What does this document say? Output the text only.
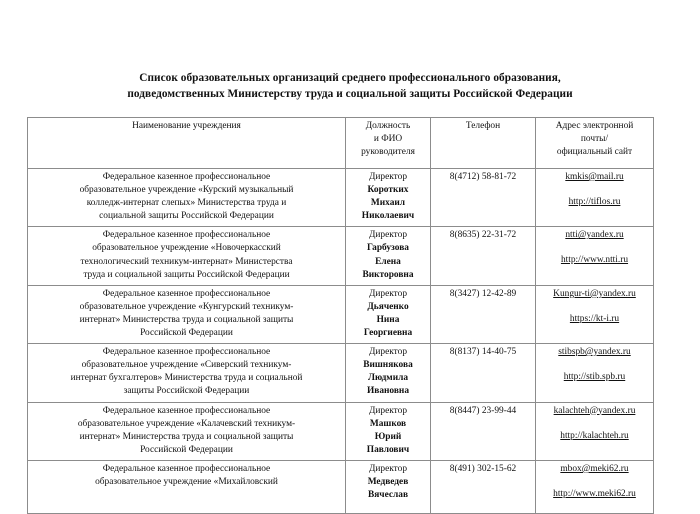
Список образовательных организаций среднего профессионального образования,
подведомственных Министерству труда и социальной защиты Российской Федерации
Наименование учреждения	Должность
и ФИО
руководителя	Телефон	Адрес электронной
почты/
официальный сайт

Федеральное казенное профессиональное
образовательное учреждение «Курский музыкальный
колледж-интернат слепых» Министерства труда и
социальной защиты Российской Федерации	Директор
Коротких
Михаил
Николаевич	8(4712) 58-81-72	kmkis@mail.ru
http://tiflos.ru

Федеральное казенное профессиональное
образовательное учреждение «Новочеркасский
технологический техникум-интернат» Министерства
труда и социальной защиты Российской Федерации	Директор
Гарбузова
Елена
Викторовна	8(8635) 22-31-72	ntti@yandex.ru
http://www.ntti.ru

Федеральное казенное профессиональное
образовательное учреждение «Кунгурский техникум-
интернат» Министерства труда и социальной защиты
Российской Федерации	Директор
Дьяченко
Нина
Георгиевна	8(3427) 12-42-89	Kungur-ti@yandex.ru
https://kt-i.ru

Федеральное казенное профессиональное
образовательное учреждение «Сиверский техникум-
интернат бухгалтеров» Министерства труда и социальной
защиты Российской Федерации	Директор
Вишнякова
Людмила
Ивановна	8(8137) 14-40-75	stibspb@yandex.ru
http://stib.spb.ru

Федеральное казенное профессиональное
образовательное учреждение «Калачевский техникум-
интернат» Министерства труда и социальной защиты
Российской Федерации	Директор
Машков
Юрий
Павлович	8(8447) 23-99-44	kalachteh@yandex.ru
http://kalachteh.ru

Федеральное казенное профессиональное
образовательное учреждение «Михайловский	Директор
Медведев
Вячеслав	8(491) 302-15-62	mbox@meki62.ru
http://www.meki62.ru
